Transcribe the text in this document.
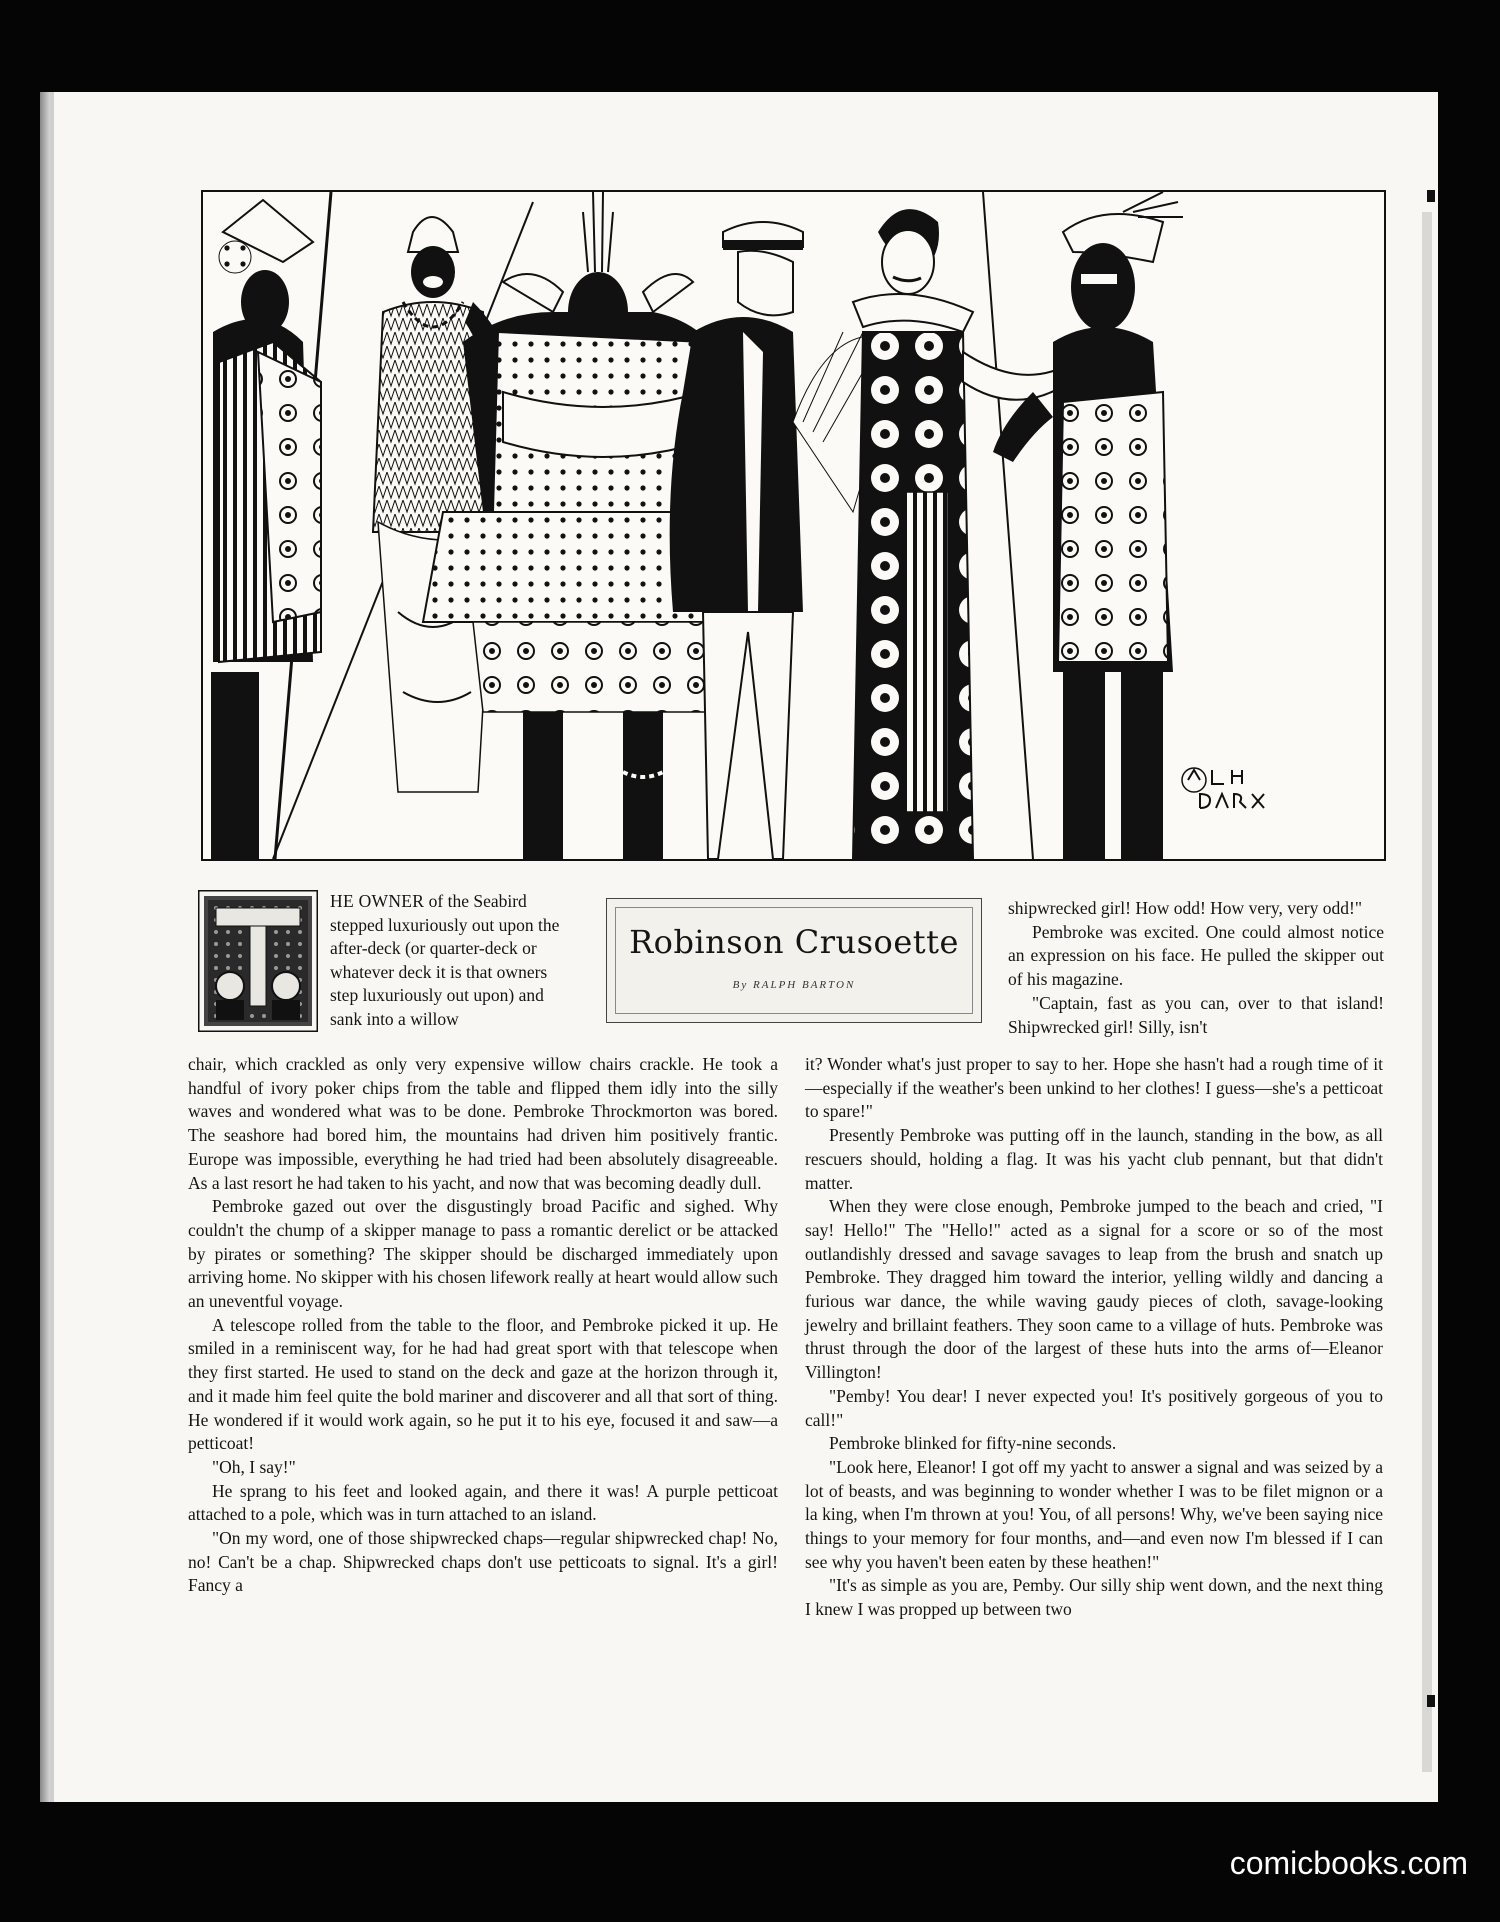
HE OWNER of the Seabird stepped luxuriously out upon the after-deck (or quarter-deck or whatever deck it is that owners step luxuriously out upon) and sank into a willow
Robinson Crusoette
By RALPH BARTON

chair, which crackled as only very expensive willow chairs crackle. He took a handful of ivory poker chips from the table and flipped them idly into the silly waves and wondered what was to be done. Pembroke Throckmorton was bored. The seashore had bored him, the mountains had driven him positively frantic. Europe was impossible, everything he had tried had been absolutely disagreeable. As a last resort he had taken to his yacht, and now that was becoming deadly dull.

Pembroke gazed out over the disgustingly broad Pacific and sighed. Why couldn't the chump of a skipper manage to pass a romantic derelict or be attacked by pirates or something? The skipper should be discharged immediately upon arriving home. No skipper with his chosen lifework really at heart would allow such an uneventful voyage.

A telescope rolled from the table to the floor, and Pembroke picked it up. He smiled in a reminiscent way, for he had had great sport with that telescope when they first started. He used to stand on the deck and gaze at the horizon through it, and it made him feel quite the bold mariner and discoverer and all that sort of thing. He wondered if it would work again, so he put it to his eye, focused it and saw—a petticoat!

"Oh, I say!"

He sprang to his feet and looked again, and there it was! A purple petticoat attached to a pole, which was in turn attached to an island.

"On my word, one of those shipwrecked chaps—regular shipwrecked chap! No, no! Can't be a chap. Shipwrecked chaps don't use petticoats to signal. It's a girl! Fancy a

shipwrecked girl! How odd! How very, very odd!"

Pembroke was excited. One could almost notice an expression on his face. He pulled the skipper out of his magazine.

"Captain, fast as you can, over to that island! Shipwrecked girl! Silly, isn't

it? Wonder what's just proper to say to her. Hope she hasn't had a rough time of it—especially if the weather's been unkind to her clothes! I guess—she's a petticoat to spare!"

Presently Pembroke was putting off in the launch, standing in the bow, as all rescuers should, holding a flag. It was his yacht club pennant, but that didn't matter.

When they were close enough, Pembroke jumped to the beach and cried, "I say! Hello!" The "Hello!" acted as a signal for a score or so of the most outlandishly dressed and savage savages to leap from the brush and snatch up Pembroke. They dragged him toward the interior, yelling wildly and dancing a furious war dance, the while waving gaudy pieces of cloth, savage-looking jewelry and brillaint feathers. They soon came to a village of huts. Pembroke was thrust through the door of the largest of these huts into the arms of—Eleanor Villington!

"Pemby! You dear! I never expected you! It's positively gorgeous of you to call!"

Pembroke blinked for fifty-nine seconds.

"Look here, Eleanor! I got off my yacht to answer a signal and was seized by a lot of beasts, and was beginning to wonder whether I was to be filet mignon or a la king, when I'm thrown at you! You, of all persons! Why, we've been saying nice things to your memory for four months, and—and even now I'm blessed if I can see why you haven't been eaten by these heathen!"

"It's as simple as you are, Pemby. Our silly ship went down, and the next thing I knew I was propped up between two

comicbooks.com
